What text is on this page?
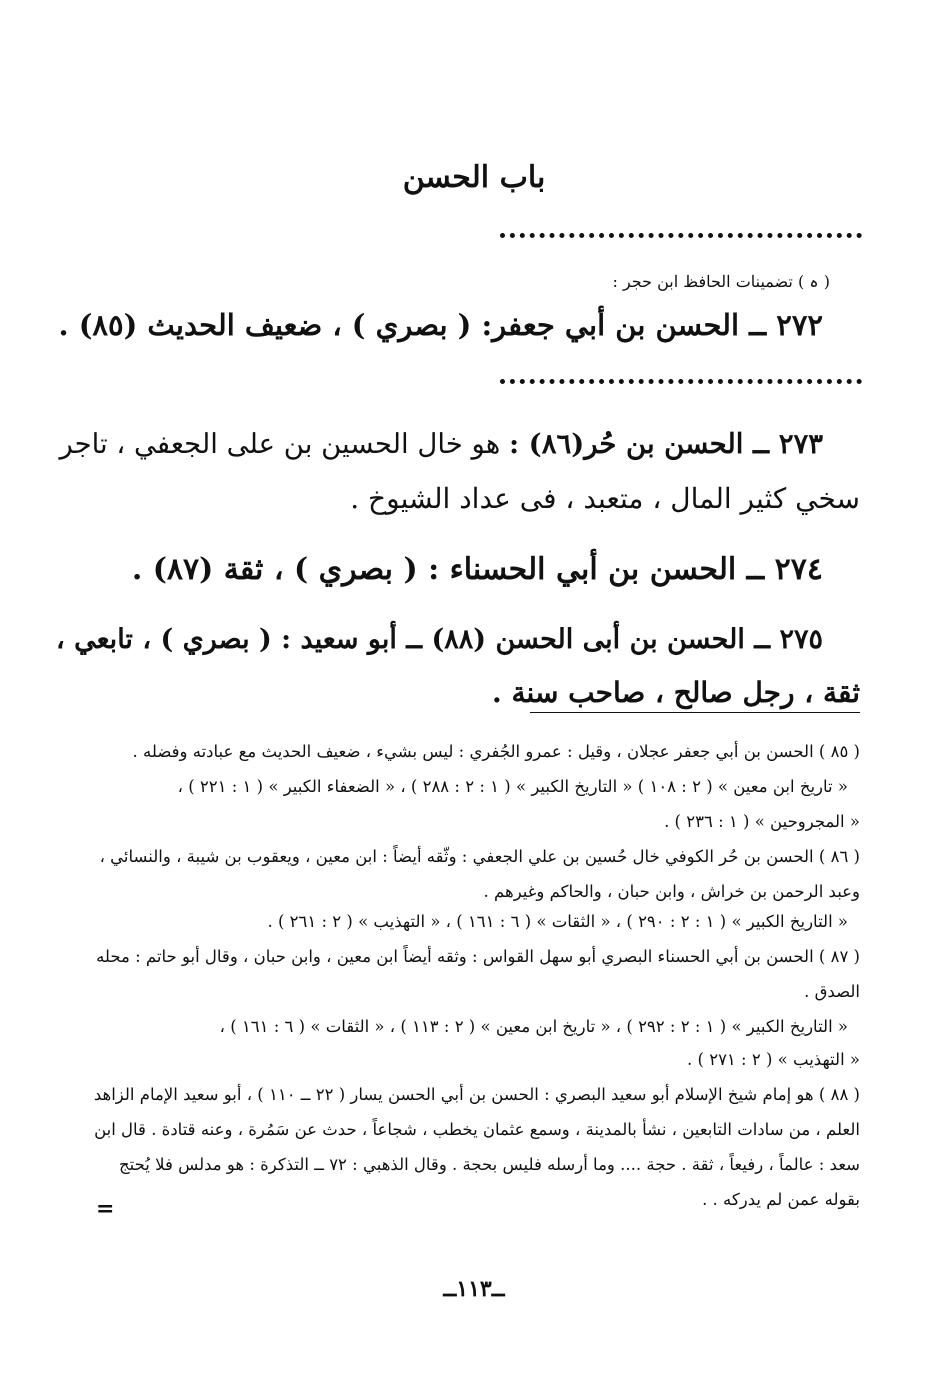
باب الحسن
( ہ ) تضمينات الحافظ ابن حجر :
٢٧٢ ــ الحسن بن أبي جعفر: ( بصري ) ، ضعيف الحديث (٨٥) .
٢٧٣ ــ الحسن بن حُر(٨٦) : هو خال الحسين بن على الجعفي ، تاجر
سخي كثير المال ، متعبد ، فى عداد الشيوخ .
٢٧٤ ــ الحسن بن أبي الحسناء : ( بصري ) ، ثقة (٨٧) .
٢٧٥ ــ الحسن بن أبى الحسن (٨٨) ــ أبو سعيد : ( بصري ) ، تابعي ،
ثقة ، رجل صالح ، صاحب سنة .
( ٨٥ ) الحسن بن أبي جعفر عجلان ، وقيل : عمرو الجُفري : ليس بشيء ، ضعيف الحديث مع عبادته وفضله .
« تاريخ ابن معين » ( ٢ : ١٠٨ ) « التاريخ الكبير » ( ١ : ٢ : ٢٨٨ ) ، « الضعفاء الكبير » ( ١ : ٢٢١ ) ،
« المجروحين » ( ١ : ٢٣٦ ) .
( ٨٦ ) الحسن بن حُر الكوفي خال حُسين بن علي الجعفي : وثّقه أيضاً : ابن معين ، ويعقوب بن شيبة ، والنسائي ،
وعبد الرحمن بن خراش ، وابن حبان ، والحاكم وغيرهم .
« التاريخ الكبير » ( ١ : ٢ : ٢٩٠ ) ، « الثقات » ( ٦ : ١٦١ ) ، « التهذيب » ( ٢ : ٢٦١ ) .
( ٨٧ ) الحسن بن أبي الحسناء البصري أبو سهل القواس : وثقه أيضاً ابن معين ، وابن حبان ، وقال أبو حاتم : محله
الصدق .
« التاريخ الكبير » ( ١ : ٢ : ٢٩٢ ) ، « تاريخ ابن معين » ( ٢ : ١١٣ ) ، « الثقات » ( ٦ : ١٦١ ) ،
« التهذيب » ( ٢ : ٢٧١ ) .
( ٨٨ ) هو إمام شيخ الإسلام أبو سعيد البصري : الحسن بن أبي الحسن يسار ( ٢٢ ــ ١١٠ ) ، أبو سعيد الإمام الزاهد
العلم ، من سادات التابعين ، نشأ بالمدينة ، وسمع عثمان يخطب ، شجاعاً ، حدث عن سَمُرة ، وعنه قتادة . قال ابن
سعد : عالماً ، رفيعاً ، ثقة . حجة .... وما أرسله فليس بحجة . وقال الذهبي : ٧٢ ــ التذكرة : هو مدلس فلا يُحتج
بقوله عمن لم يدركه . .
=
ــ١١٣ــ
